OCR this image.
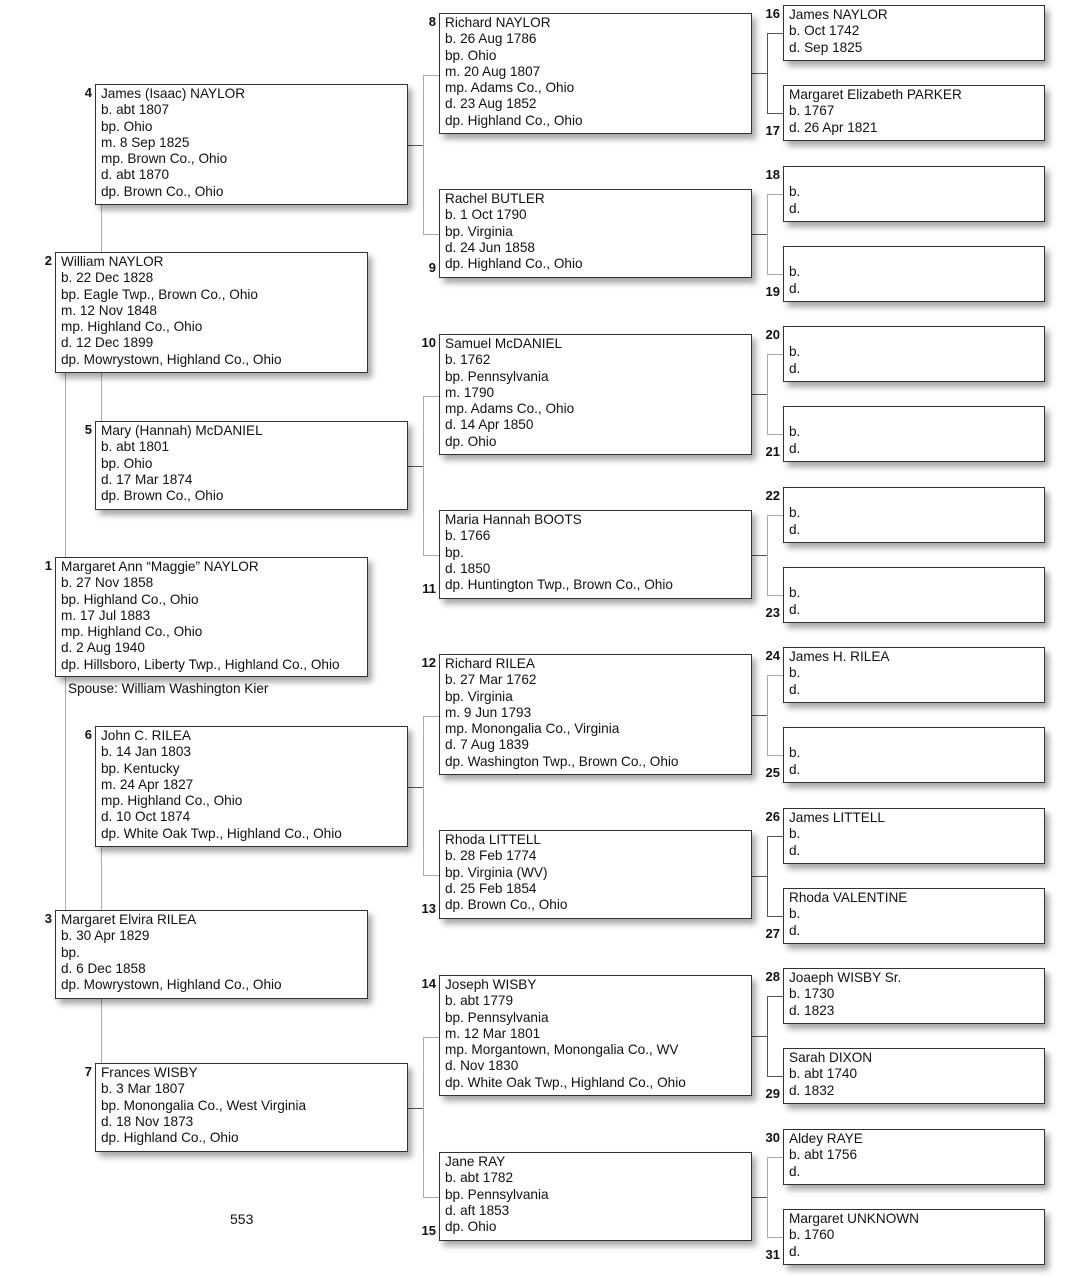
Spouse: William Washington Kier
553
Margaret Ann “Maggie” NAYLOR
b. 27 Nov 1858
bp. Highland Co., Ohio
m. 17 Jul 1883
mp. Highland Co., Ohio
d. 2 Aug 1940
dp. Hillsboro, Liberty Twp., Highland Co., Ohio
1
William NAYLOR
b. 22 Dec 1828
bp. Eagle Twp., Brown Co., Ohio
m. 12 Nov 1848
mp. Highland Co., Ohio
d. 12 Dec 1899
dp. Mowrystown, Highland Co., Ohio
2
Margaret Elvira RILEA
b. 30 Apr 1829
bp.
d. 6 Dec 1858
dp. Mowrystown, Highland Co., Ohio
3
James (Isaac) NAYLOR
b. abt 1807
bp. Ohio
m. 8 Sep 1825
mp. Brown Co., Ohio
d. abt 1870
dp. Brown Co., Ohio
4
Mary (Hannah) McDANIEL
b. abt 1801
bp. Ohio
d. 17 Mar 1874
dp. Brown Co., Ohio
5
John C. RILEA
b. 14 Jan 1803
bp. Kentucky
m. 24 Apr 1827
mp. Highland Co., Ohio
d. 10 Oct 1874
dp. White Oak Twp., Highland Co., Ohio
6
Frances WISBY
b. 3 Mar 1807
bp. Monongalia Co., West Virginia
d. 18 Nov 1873
dp. Highland Co., Ohio
7
Richard NAYLOR
b. 26 Aug 1786
bp. Ohio
m. 20 Aug 1807
mp. Adams Co., Ohio
d. 23 Aug 1852
dp. Highland Co., Ohio
8
Rachel BUTLER
b. 1 Oct 1790
bp. Virginia
d. 24 Jun 1858
dp. Highland Co., Ohio
9
Samuel McDANIEL
b. 1762
bp. Pennsylvania
m. 1790
mp. Adams Co., Ohio
d. 14 Apr 1850
dp. Ohio
10
Maria Hannah BOOTS
b. 1766
bp.
d. 1850
dp. Huntington Twp., Brown Co., Ohio
11
Richard RILEA
b. 27 Mar 1762
bp. Virginia
m. 9 Jun 1793
mp. Monongalia Co., Virginia
d. 7 Aug 1839
dp. Washington Twp., Brown Co., Ohio
12
Rhoda LITTELL
b. 28 Feb 1774
bp. Virginia (WV)
d. 25 Feb 1854
dp. Brown Co., Ohio
13
Joseph WISBY
b. abt 1779
bp. Pennsylvania
m. 12 Mar 1801
mp. Morgantown, Monongalia Co., WV
d. Nov 1830
dp. White Oak Twp., Highland Co., Ohio
14
Jane RAY
b. abt 1782
bp. Pennsylvania
d. aft 1853
dp. Ohio
15
James NAYLOR
b. Oct 1742
d. Sep 1825
16
Margaret Elizabeth PARKER
b. 1767
d. 26 Apr 1821
17

b.
d.
18

b.
d.
19

b.
d.
20

b.
d.
21

b.
d.
22

b.
d.
23
James H. RILEA
b.
d.
24

b.
d.
25
James LITTELL
b.
d.
26
Rhoda VALENTINE
b.
d.
27
Joaeph WISBY Sr.
b. 1730
d. 1823
28
Sarah DIXON
b. abt 1740
d. 1832
29
Aldey RAYE
b. abt 1756
d.
30
Margaret UNKNOWN
b. 1760
d.
31
